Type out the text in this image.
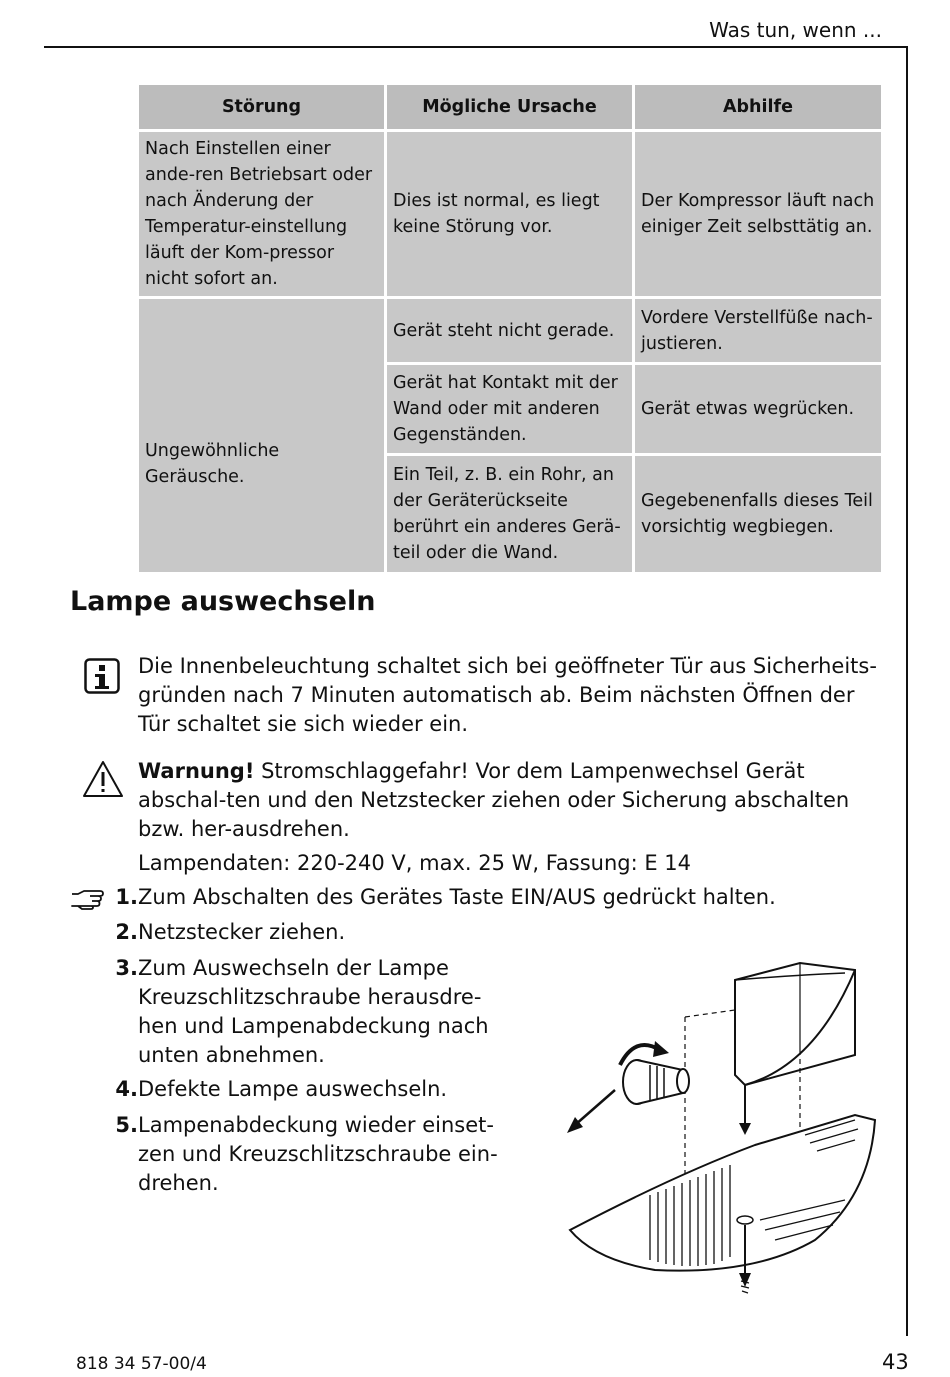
Was tun, wenn ...
Störung	Mögliche Ursache	Abhilfe
Nach Einstellen einer ande-ren Betriebsart oder nach Änderung der Temperatur-einstellung läuft der Kom-pressor nicht sofort an.	Dies ist normal, es liegt keine Störung vor.	Der Kompressor läuft nach einiger Zeit selbsttätig an.
Ungewöhnliche Geräusche.	Gerät steht nicht gerade.	Vordere Verstellfüße nach-justieren.
	Gerät hat Kontakt mit der Wand oder mit anderen Gegenständen.	Gerät etwas wegrücken.
	Ein Teil, z. B. ein Rohr, an der Geräterückseite berührt ein anderes Gerä-teil oder die Wand.	Gegebenenfalls dieses Teil vorsichtig wegbiegen.
Lampe auswechseln
Die Innenbeleuchtung schaltet sich bei geöffneter Tür aus Sicherheits-gründen nach 7 Minuten automatisch ab. Beim nächsten Öffnen der Tür schaltet sie sich wieder ein.
Warnung! Stromschlaggefahr! Vor dem Lampenwechsel Gerät abschal-ten und den Netzstecker ziehen oder Sicherung abschalten bzw. her-ausdrehen.
Lampendaten: 220-240 V, max. 25 W, Fassung: E 14
1. Zum Abschalten des Gerätes Taste EIN/AUS gedrückt halten.
2. Netzstecker ziehen.
3. Zum Auswechseln der Lampe Kreuzschlitzschraube herausdre-hen und Lampenabdeckung nach unten abnehmen.
4. Defekte Lampe auswechseln.
5. Lampenabdeckung wieder einset-zen und Kreuzschlitzschraube ein-drehen.
818 34 57-00/4	43
